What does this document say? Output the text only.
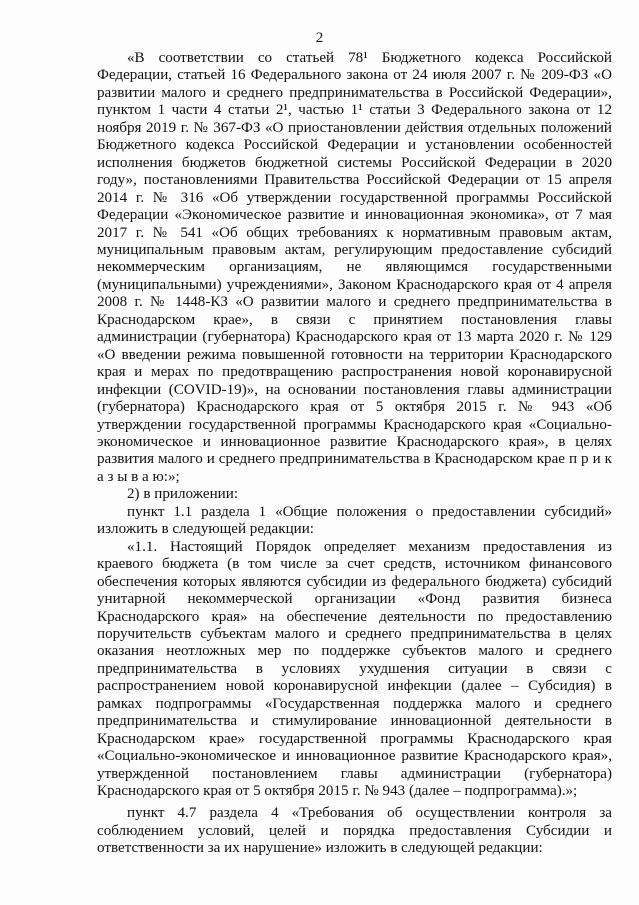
2

«В соответствии со статьей 78¹ Бюджетного кодекса Российской Федерации, статьей 16 Федерального закона от 24 июля 2007 г. № 209-ФЗ «О развитии малого и среднего предпринимательства в Российской Федерации», пунктом 1 части 4 статьи 2¹, частью 1¹ статьи 3 Федерального закона от 12 ноября 2019 г. № 367-ФЗ «О приостановлении действия отдельных положений Бюджетного кодекса Российской Федерации и установлении особенностей исполнения бюджетов бюджетной системы Российской Федерации в 2020 году», постановлениями Правительства Российской Федерации от 15 апреля 2014 г. № 316 «Об утверждении государственной программы Российской Федерации «Экономическое развитие и инновационная экономика», от 7 мая 2017 г. № 541 «Об общих требованиях к нормативным правовым актам, муниципальным правовым актам, регулирующим предоставление субсидий некоммерческим организациям, не являющимся государственными (муниципальными) учреждениями», Законом Краснодарского края от 4 апреля 2008 г. № 1448-КЗ «О развитии малого и среднего предпринимательства в Краснодарском крае», в связи с принятием постановления главы администрации (губернатора) Краснодарского края от 13 марта 2020 г. № 129 «О введении режима повышенной готовности на территории Краснодарского края и мерах по предотвращению распространения новой коронавирусной инфекции (COVID-19)», на основании постановления главы администрации (губернатора) Краснодарского края от 5 октября 2015 г. № 943 «Об утверждении государственной программы Краснодарского края «Социально-экономическое и инновационное развитие Краснодарского края», в целях развития малого и среднего предпринимательства в Краснодарском крае п р и к а з ы в а ю:»;

2) в приложении:

пункт 1.1 раздела 1 «Общие положения о предоставлении субсидий» изложить в следующей редакции:

«1.1. Настоящий Порядок определяет механизм предоставления из краевого бюджета (в том числе за счет средств, источником финансового обеспечения которых являются субсидии из федерального бюджета) субсидий унитарной некоммерческой организации «Фонд развития бизнеса Краснодарского края» на обеспечение деятельности по предоставлению поручительств субъектам малого и среднего предпринимательства в целях оказания неотложных мер по поддержке субъектов малого и среднего предпринимательства в условиях ухудшения ситуации в связи с распространением новой коронавирусной инфекции (далее – Субсидия) в рамках подпрограммы «Государственная поддержка малого и среднего предпринимательства и стимулирование инновационной деятельности в Краснодарском крае» государственной программы Краснодарского края «Социально-экономическое и инновационное развитие Краснодарского края», утвержденной постановлением главы администрации (губернатора) Краснодарского края от 5 октября 2015 г. № 943 (далее – подпрограмма).»;

пункт 4.7 раздела 4 «Требования об осуществлении контроля за соблюдением условий, целей и порядка предоставления Субсидии и ответственности за их нарушение» изложить в следующей редакции:
